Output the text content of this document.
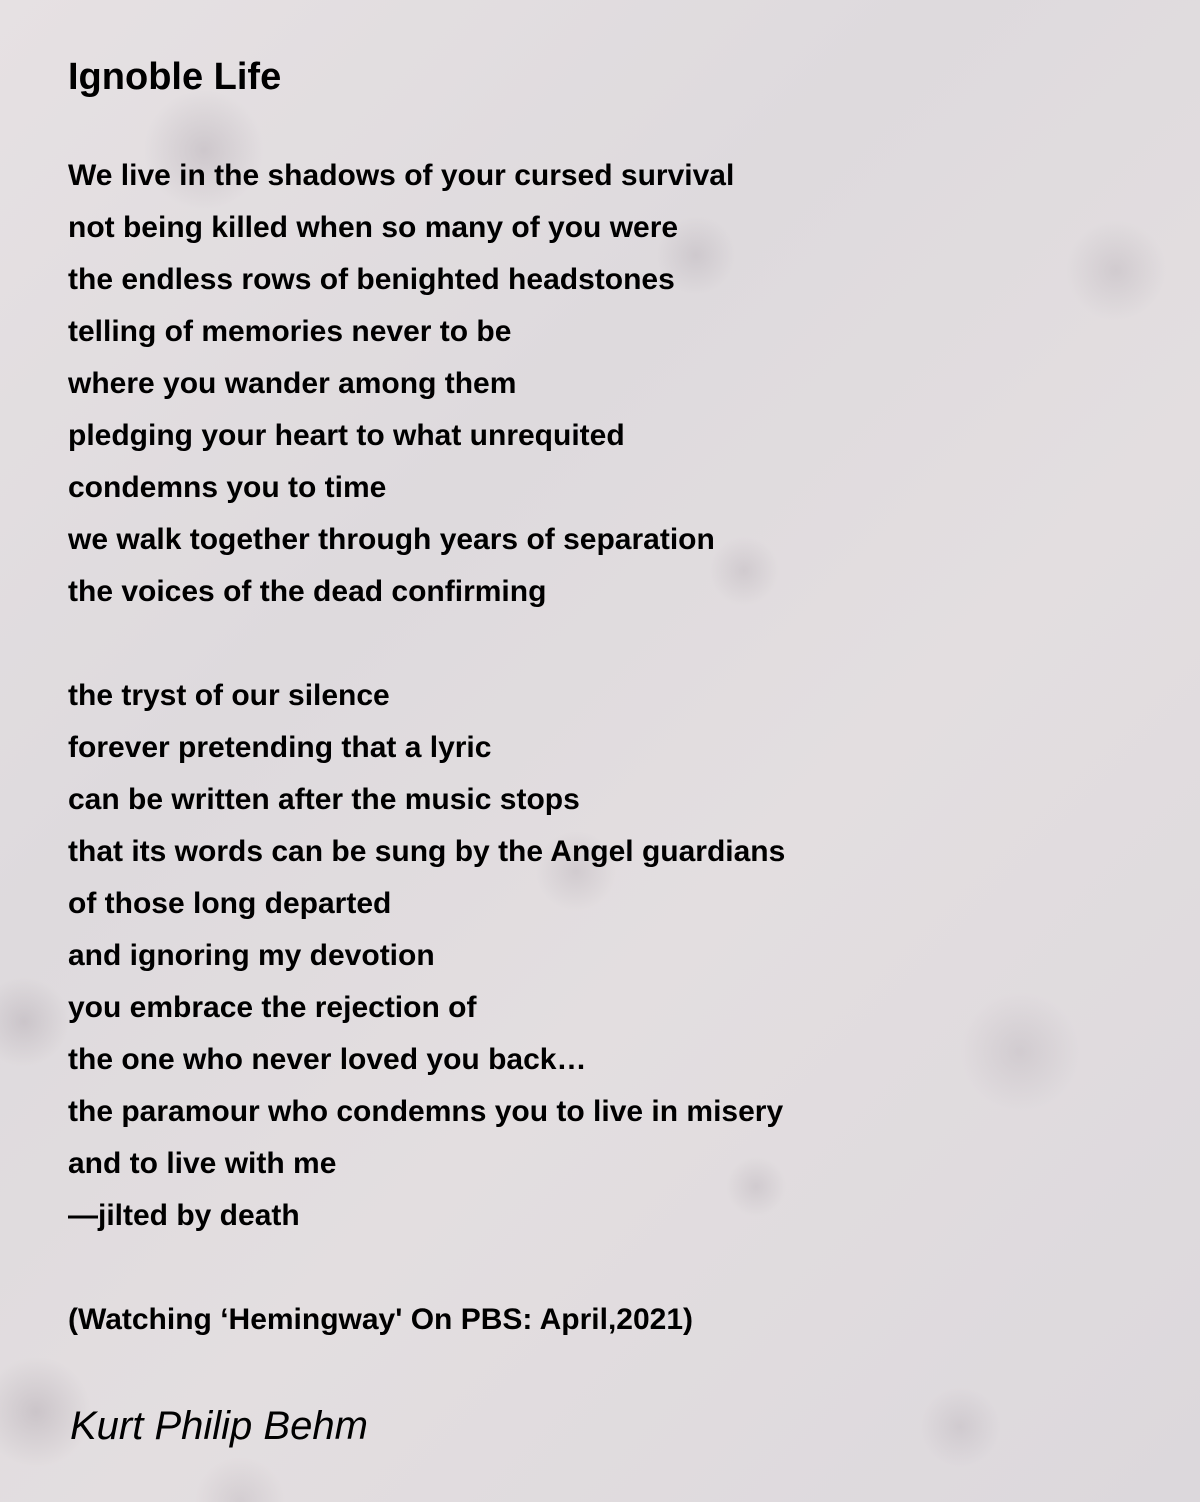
Ignoble Life
We live in the shadows of your cursed survival
not being killed when so many of you were
the endless rows of benighted headstones
telling of memories never to be
where you wander among them
pledging your heart to what unrequited
condemns you to time
we walk together through years of separation
the voices of the dead confirming
the tryst of our silence
forever pretending that a lyric
can be written after the music stops
that its words can be sung by the Angel guardians
of those long departed
and ignoring my devotion
you embrace the rejection of
the one who never loved you back…
the paramour who condemns you to live in misery
and to live with me
—jilted by death

(Watching ‘Hemingway' On PBS: April,2021)

Kurt Philip Behm
